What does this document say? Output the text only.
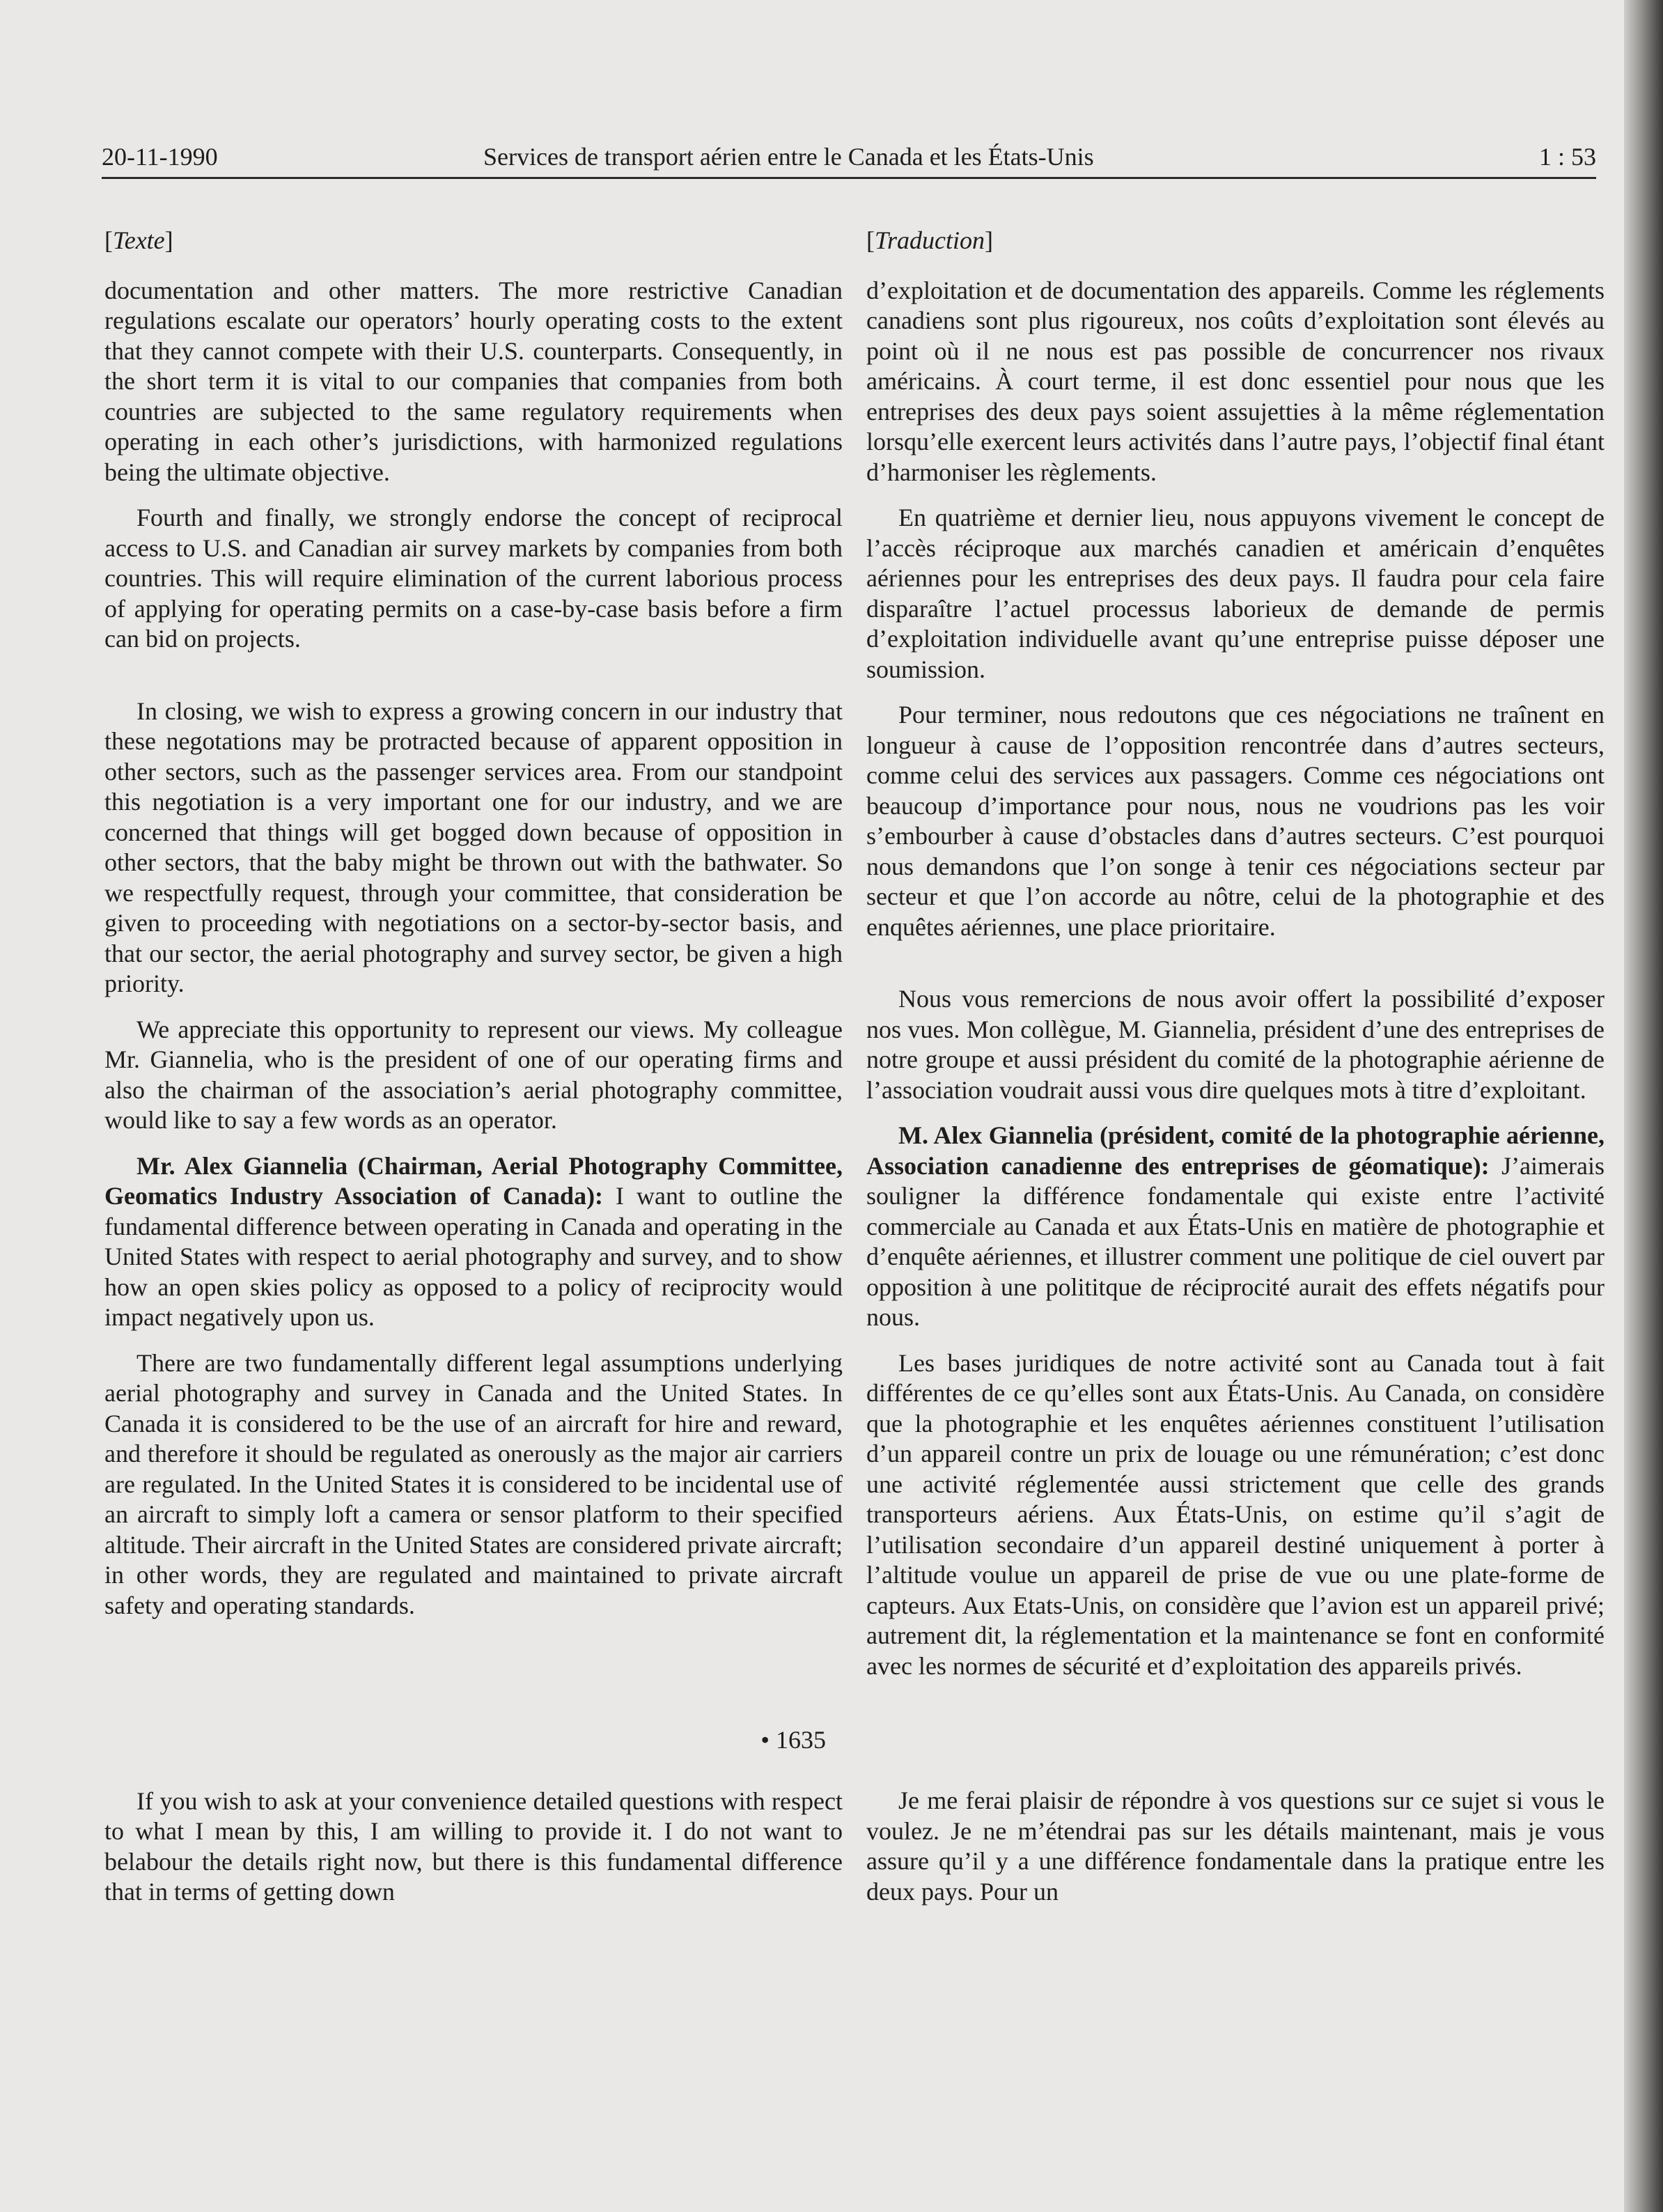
20-11-1990	Services de transport aérien entre le Canada et les États-Unis	1 : 53
[Texte]

documentation and other matters. The more restrictive Canadian regulations escalate our operators’ hourly operating costs to the extent that they cannot compete with their U.S. counterparts. Consequently, in the short term it is vital to our companies that companies from both countries are subjected to the same regulatory requirements when operating in each other’s jurisdictions, with harmonized regulations being the ultimate objective.

Fourth and finally, we strongly endorse the concept of reciprocal access to U.S. and Canadian air survey markets by companies from both countries. This will require elimination of the current laborious process of applying for operating permits on a case-by-case basis before a firm can bid on projects.

In closing, we wish to express a growing concern in our industry that these negotations may be protracted because of apparent opposition in other sectors, such as the passenger services area. From our standpoint this negotiation is a very important one for our industry, and we are concerned that things will get bogged down because of opposition in other sectors, that the baby might be thrown out with the bathwater. So we respectfully request, through your committee, that consideration be given to proceeding with negotiations on a sector-by-sector basis, and that our sector, the aerial photography and survey sector, be given a high priority.

We appreciate this opportunity to represent our views. My colleague Mr. Giannelia, who is the president of one of our operating firms and also the chairman of the association’s aerial photography committee, would like to say a few words as an operator.

Mr. Alex Giannelia (Chairman, Aerial Photography Committee, Geomatics Industry Association of Canada): I want to outline the fundamental difference between operating in Canada and operating in the United States with respect to aerial photography and survey, and to show how an open skies policy as opposed to a policy of reciprocity would impact negatively upon us.

There are two fundamentally different legal assumptions underlying aerial photography and survey in Canada and the United States. In Canada it is considered to be the use of an aircraft for hire and reward, and therefore it should be regulated as onerously as the major air carriers are regulated. In the United States it is considered to be incidental use of an aircraft to simply loft a camera or sensor platform to their specified altitude. Their aircraft in the United States are considered private aircraft; in other words, they are regulated and maintained to private aircraft safety and operating standards.

• 1635

If you wish to ask at your convenience detailed questions with respect to what I mean by this, I am willing to provide it. I do not want to belabour the details right now, but there is this fundamental difference that in terms of getting down

[Traduction]

d’exploitation et de documentation des appareils. Comme les réglements canadiens sont plus rigoureux, nos coûts d’exploitation sont élevés au point où il ne nous est pas possible de concurrencer nos rivaux américains. À court terme, il est donc essentiel pour nous que les entreprises des deux pays soient assujetties à la même réglementation lorsqu’elle exercent leurs activités dans l’autre pays, l’objectif final étant d’harmoniser les règlements.

En quatrième et dernier lieu, nous appuyons vivement le concept de l’accès réciproque aux marchés canadien et américain d’enquêtes aériennes pour les entreprises des deux pays. Il faudra pour cela faire disparaître l’actuel processus laborieux de demande de permis d’exploitation individuelle avant qu’une entreprise puisse déposer une soumission.

Pour terminer, nous redoutons que ces négociations ne traînent en longueur à cause de l’opposition rencontrée dans d’autres secteurs, comme celui des services aux passagers. Comme ces négociations ont beaucoup d’importance pour nous, nous ne voudrions pas les voir s’embourber à cause d’obstacles dans d’autres secteurs. C’est pourquoi nous demandons que l’on songe à tenir ces négociations secteur par secteur et que l’on accorde au nôtre, celui de la photographie et des enquêtes aériennes, une place prioritaire.

Nous vous remercions de nous avoir offert la possibilité d’exposer nos vues. Mon collègue, M. Giannelia, président d’une des entreprises de notre groupe et aussi président du comité de la photographie aérienne de l’association voudrait aussi vous dire quelques mots à titre d’exploitant.

M. Alex Giannelia (président, comité de la photographie aérienne, Association canadienne des entreprises de géomatique): J’aimerais souligner la différence fondamentale qui existe entre l’activité commerciale au Canada et aux États-Unis en matière de photographie et d’enquête aériennes, et illustrer comment une politique de ciel ouvert par opposition à une polititque de réciprocité aurait des effets négatifs pour nous.

Les bases juridiques de notre activité sont au Canada tout à fait différentes de ce qu’elles sont aux États-Unis. Au Canada, on considère que la photographie et les enquêtes aériennes constituent l’utilisation d’un appareil contre un prix de louage ou une rémunération; c’est donc une activité réglementée aussi strictement que celle des grands transporteurs aériens. Aux États-Unis, on estime qu’il s’agit de l’utilisation secondaire d’un appareil destiné uniquement à porter à l’altitude voulue un appareil de prise de vue ou une plate-forme de capteurs. Aux Etats-Unis, on considère que l’avion est un appareil privé; autrement dit, la réglementation et la maintenance se font en conformité avec les normes de sécurité et d’exploitation des appareils privés.

Je me ferai plaisir de répondre à vos questions sur ce sujet si vous le voulez. Je ne m’étendrai pas sur les détails maintenant, mais je vous assure qu’il y a une différence fondamentale dans la pratique entre les deux pays. Pour un
